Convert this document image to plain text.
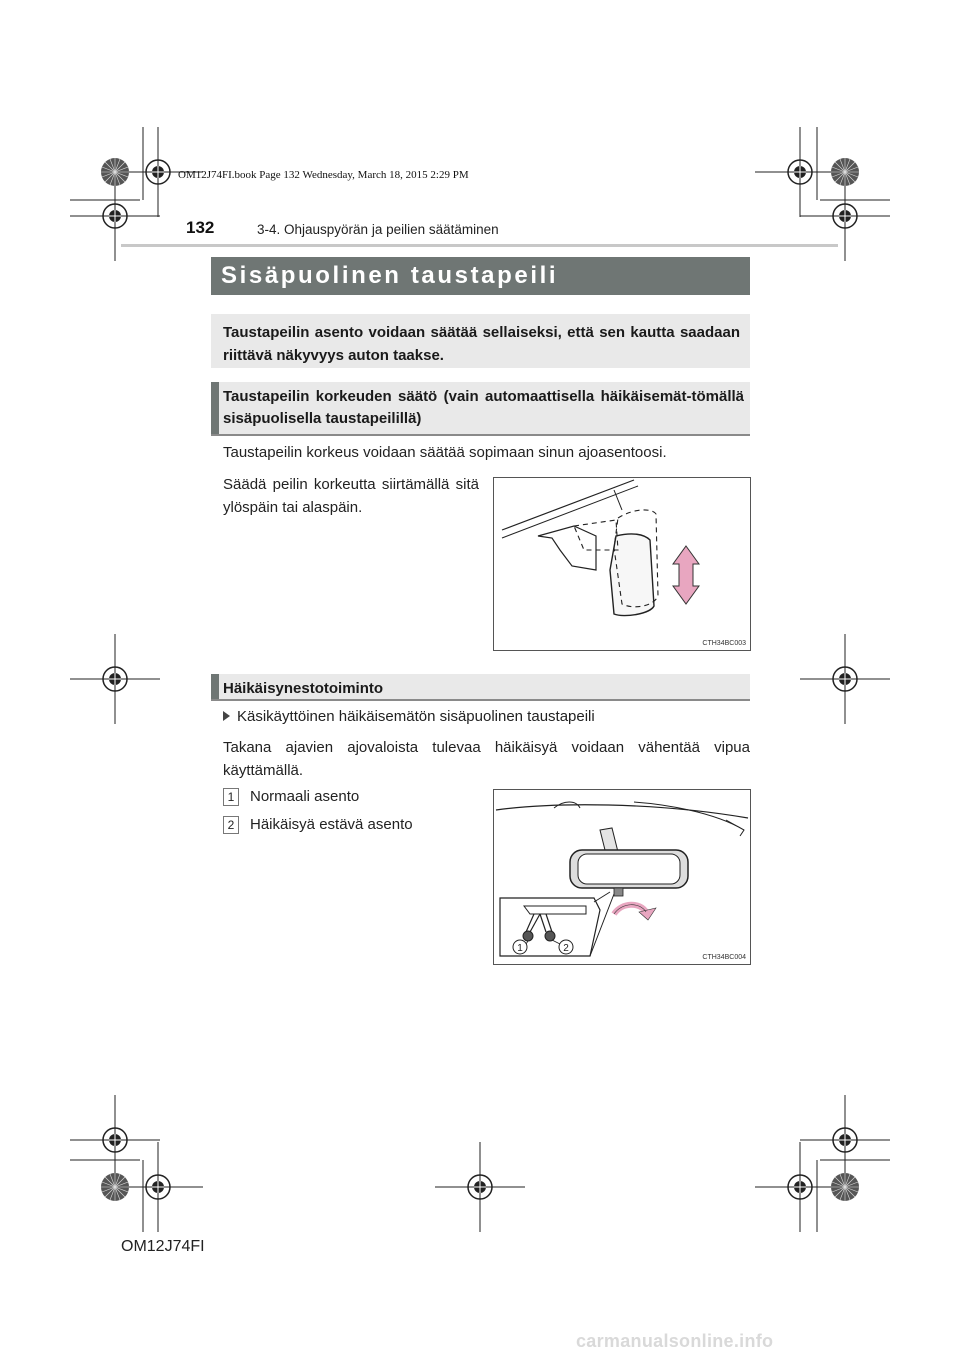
OM12J74FI.book Page 132 Wednesday, March 18, 2015 2:29 PM
132	3-4. Ohjauspyörän ja peilien säätäminen
Sisäpuolinen taustapeili

Taustapeilin asento voidaan säätää sellaiseksi, että sen kautta saadaan riittävä näkyvyys auton taakse.

Taustapeilin korkeuden säätö (vain automaattisella häikäisemät-tömällä sisäpuolisella taustapeilillä)

Taustapeilin korkeus voidaan säätää sopimaan sinun ajoasentoosi.
Säädä peilin korkeutta siirtämällä sitä ylöspäin tai alaspäin.
CTH34BC003

Häikäisynestotoiminto

Käsikäyttöinen häikäisemätön sisäpuolinen taustapeili
Takana ajavien ajovaloista tulevaa häikäisyä voidaan vähentää vipua käyttämällä.
1 Normaali asento
2 Häikäisyä estävä asento
1	2
CTH34BC004
OM12J74FI
carmanualsonline.info
